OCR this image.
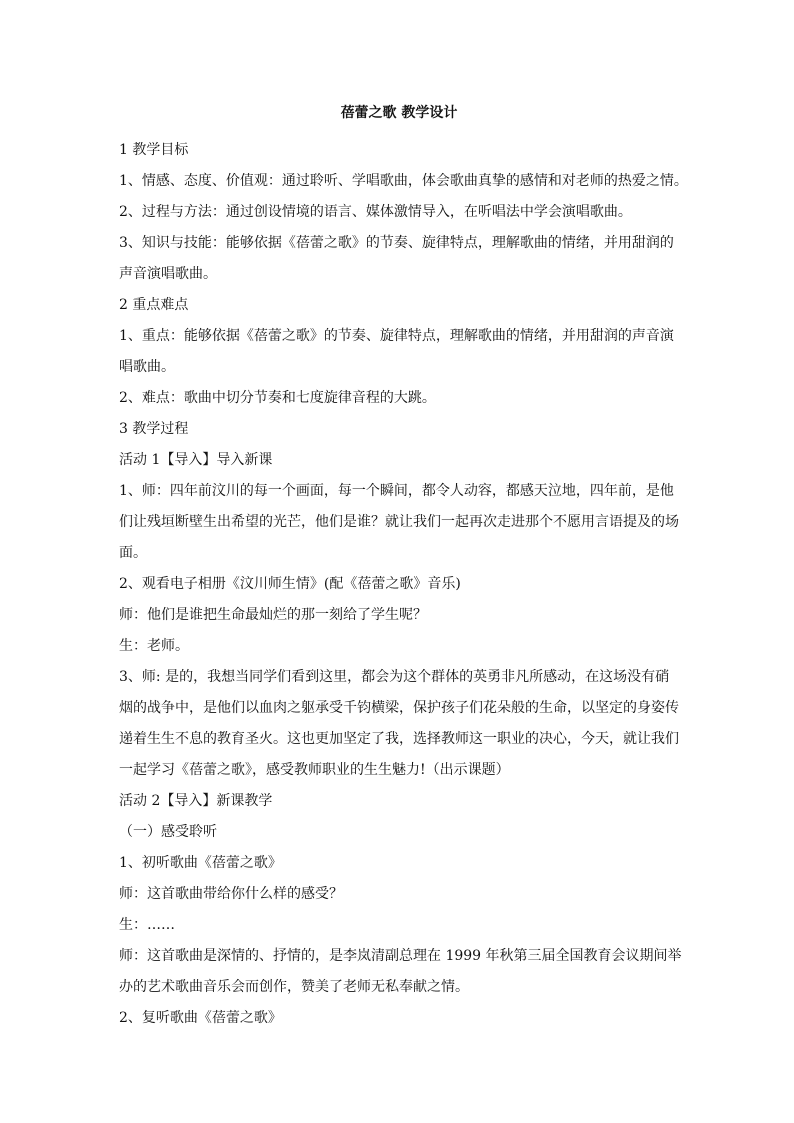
蓓蕾之歌 教学设计

1 教学目标

1、情感、态度、价值观：通过聆听、学唱歌曲，体会歌曲真挚的感情和对老师的热爱之情。

2、过程与方法：通过创设情境的语言、媒体激情导入，在听唱法中学会演唱歌曲。

3、知识与技能：能够依据《蓓蕾之歌》的节奏、旋律特点，理解歌曲的情绪，并用甜润的

声音演唱歌曲。

2 重点难点

1、重点：能够依据《蓓蕾之歌》的节奏、旋律特点，理解歌曲的情绪，并用甜润的声音演

唱歌曲。

2、难点：歌曲中切分节奏和七度旋律音程的大跳。

3 教学过程

活动 1【导入】导入新课

1、师：四年前汶川的每一个画面，每一个瞬间，都令人动容，都感天泣地，四年前，是他

们让残垣断壁生出希望的光芒，他们是谁？就让我们一起再次走进那个不愿用言语提及的场

面。

2、观看电子相册《汶川师生情》(配《蓓蕾之歌》音乐)

师：他们是谁把生命最灿烂的那一刻给了学生呢？

生：老师。

3、师: 是的，我想当同学们看到这里，都会为这个群体的英勇非凡所感动，在这场没有硝

烟的战争中，是他们以血肉之躯承受千钧横梁，保护孩子们花朵般的生命，以坚定的身姿传

递着生生不息的教育圣火。这也更加坚定了我，选择教师这一职业的决心，今天，就让我们

一起学习《蓓蕾之歌》，感受教师职业的生生魅力!（出示课题）

活动 2【导入】新课教学

（一）感受聆听

1、初听歌曲《蓓蕾之歌》

师：这首歌曲带给你什么样的感受？

生：……

师：这首歌曲是深情的、抒情的，是李岚清副总理在 1999 年秋第三届全国教育会议期间举

办的艺术歌曲音乐会而创作，赞美了老师无私奉献之情。

2、复听歌曲《蓓蕾之歌》
